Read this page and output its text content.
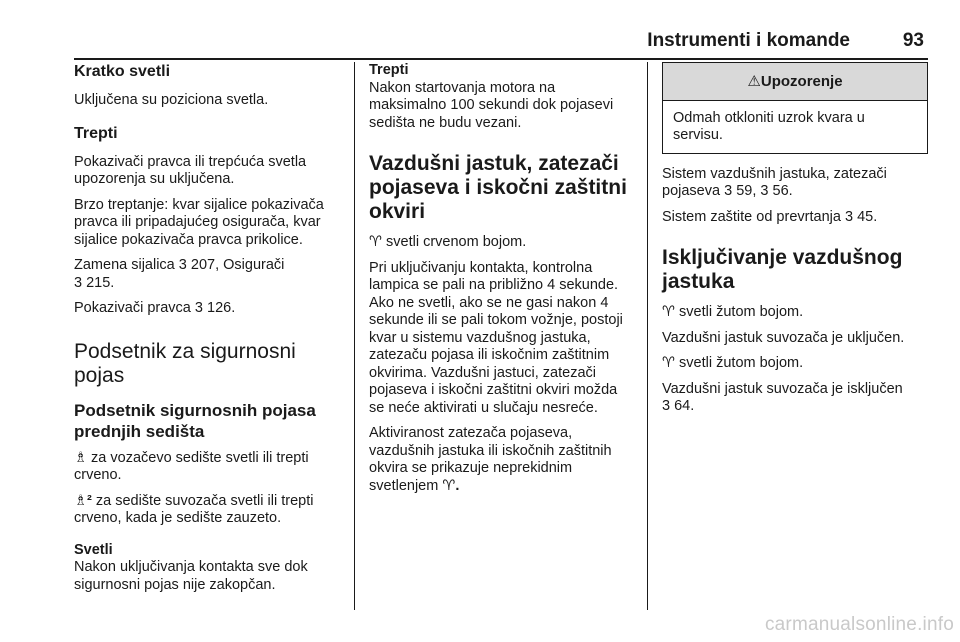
Instrumenti i komande	93
Kratko svetli

Uključena su poziciona svetla.

Trepti

Pokazivači pravca ili trepćuća svetla upozorenja su uključena.

Brzo treptanje: kvar sijalice pokazivača pravca ili pripadajućeg osigurača, kvar sijalice pokazivača pravca prikolice.

Zamena sijalica 3 207, Osigurači
3 215.

Pokazivači pravca 3 126.

Podsetnik za sigurnosni pojas
Podsetnik sigurnosnih pojasa prednjih sedišta

♗ za vozačevo sedište svetli ili trepti crveno.

♗² za sedište suvozača svetli ili trepti crveno, kada je sedište zauzeto.

Svetli

Nakon uključivanja kontakta sve dok sigurnosni pojas nije zakopčan.

Trepti

Nakon startovanja motora na maksimalno 100 sekundi dok pojasevi sedišta ne budu vezani.

Vazdušni jastuk, zatezači pojaseva i iskočni zaštitni okviri

♈ svetli crvenom bojom.

Pri uključivanju kontakta, kontrolna lampica se pali na približno 4 sekunde. Ako ne svetli, ako se ne gasi nakon 4 sekunde ili se pali tokom vožnje, postoji kvar u sistemu vazdušnog jastuka, zatezaču pojasa ili iskočnim zaštitnim okvirima. Vazdušni jastuci, zatezači pojaseva i iskočni zaštitni okviri možda se neće aktivirati u slučaju nesreće.

Aktiviranost zatezača pojaseva, vazdušnih jastuka ili iskočnih zaštitnih okvira se prikazuje neprekidnim svetlenjem ♈.

⚠Upozorenje
Odmah otkloniti uzrok kvara u servisu.

Sistem vazdušnih jastuka, zatezači pojaseva 3 59, 3 56.

Sistem zaštite od prevrtanja 3 45.

Isključivanje vazdušnog jastuka

♈ svetli žutom bojom.

Vazdušni jastuk suvozača je uključen.

♈ svetli žutom bojom.

Vazdušni jastuk suvozača je isključen
3 64.

carmanualsonline.info
